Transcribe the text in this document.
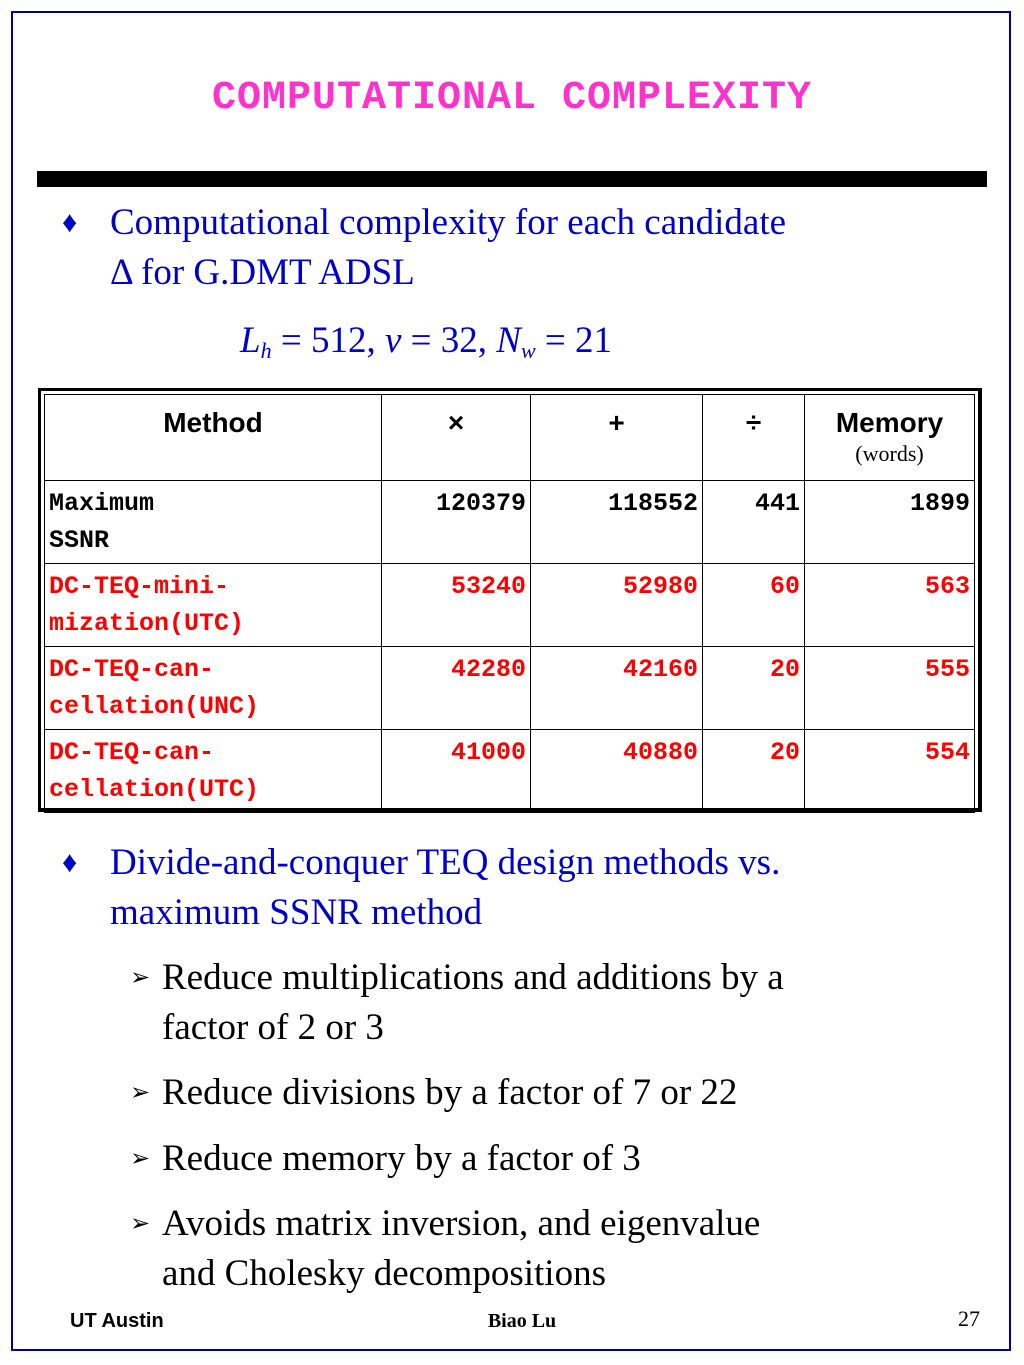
COMPUTATIONAL COMPLEXITY
♦ Computational complexity for each candidate
Δ for G.DMT ADSL
$L_h = 512$, ν = 32, $N_w = 21$
Method	×	+	÷	Memory
(words)

Maximum
SSNR	120379	118552	441	1899

DC-TEQ-mini-
mization(UTC)	53240	52980	60	563

DC-TEQ-can-
cellation(UNC)	42280	42160	20	555

DC-TEQ-can-
cellation(UTC)	41000	40880	20	554
♦ Divide-and-conquer TEQ design methods vs.
maximum SSNR method
➢ Reduce multiplications and additions by a
factor of 2 or 3
➢ Reduce divisions by a factor of 7 or 22
➢ Reduce memory by a factor of 3
➢ Avoids matrix inversion, and eigenvalue
and Cholesky decompositions
UT Austin	Biao Lu	27
